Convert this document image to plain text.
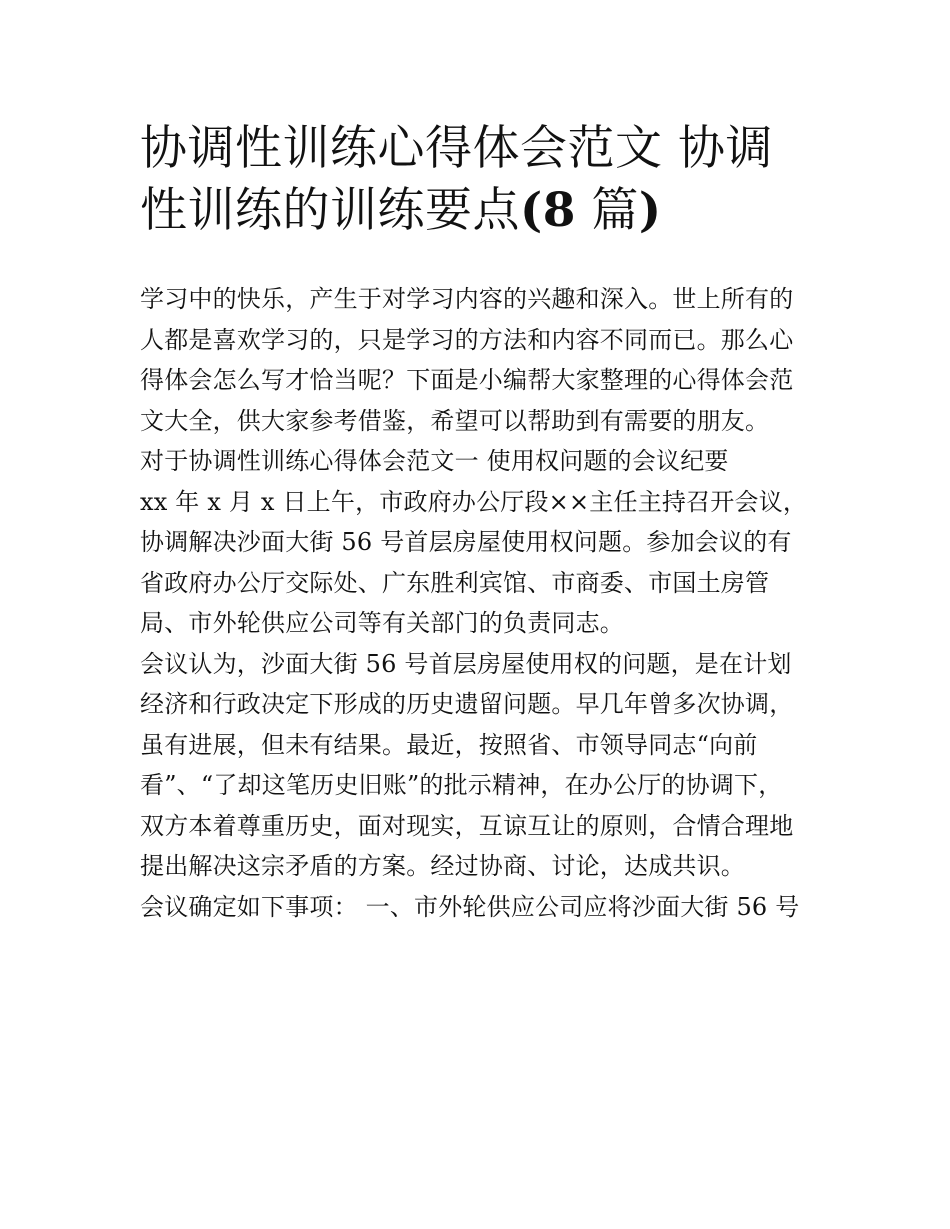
协调性训练心得体会范文 协调
性训练的训练要点(8 篇)
学习中的快乐，产生于对学习内容的兴趣和深入。世上所有的
人都是喜欢学习的，只是学习的方法和内容不同而已。那么心
得体会怎么写才恰当呢？下面是小编帮大家整理的心得体会范
文大全，供大家参考借鉴，希望可以帮助到有需要的朋友。
对于协调性训练心得体会范文一 使用权问题的会议纪要
xx 年 x 月 x 日上午，市政府办公厅段××主任主持召开会议，
协调解决沙面大街 56 号首层房屋使用权问题。参加会议的有
省政府办公厅交际处、广东胜利宾馆、市商委、市国土房管
局、市外轮供应公司等有关部门的负责同志。
会议认为，沙面大街 56 号首层房屋使用权的问题，是在计划
经济和行政决定下形成的历史遗留问题。早几年曾多次协调，
虽有进展，但未有结果。最近，按照省、市领导同志“向前
看”、“了却这笔历史旧账”的批示精神，在办公厅的协调下，
双方本着尊重历史，面对现实，互谅互让的原则，合情合理地
提出解决这宗矛盾的方案。经过协商、讨论，达成共识。
会议确定如下事项： 一、市外轮供应公司应将沙面大街 56 号
